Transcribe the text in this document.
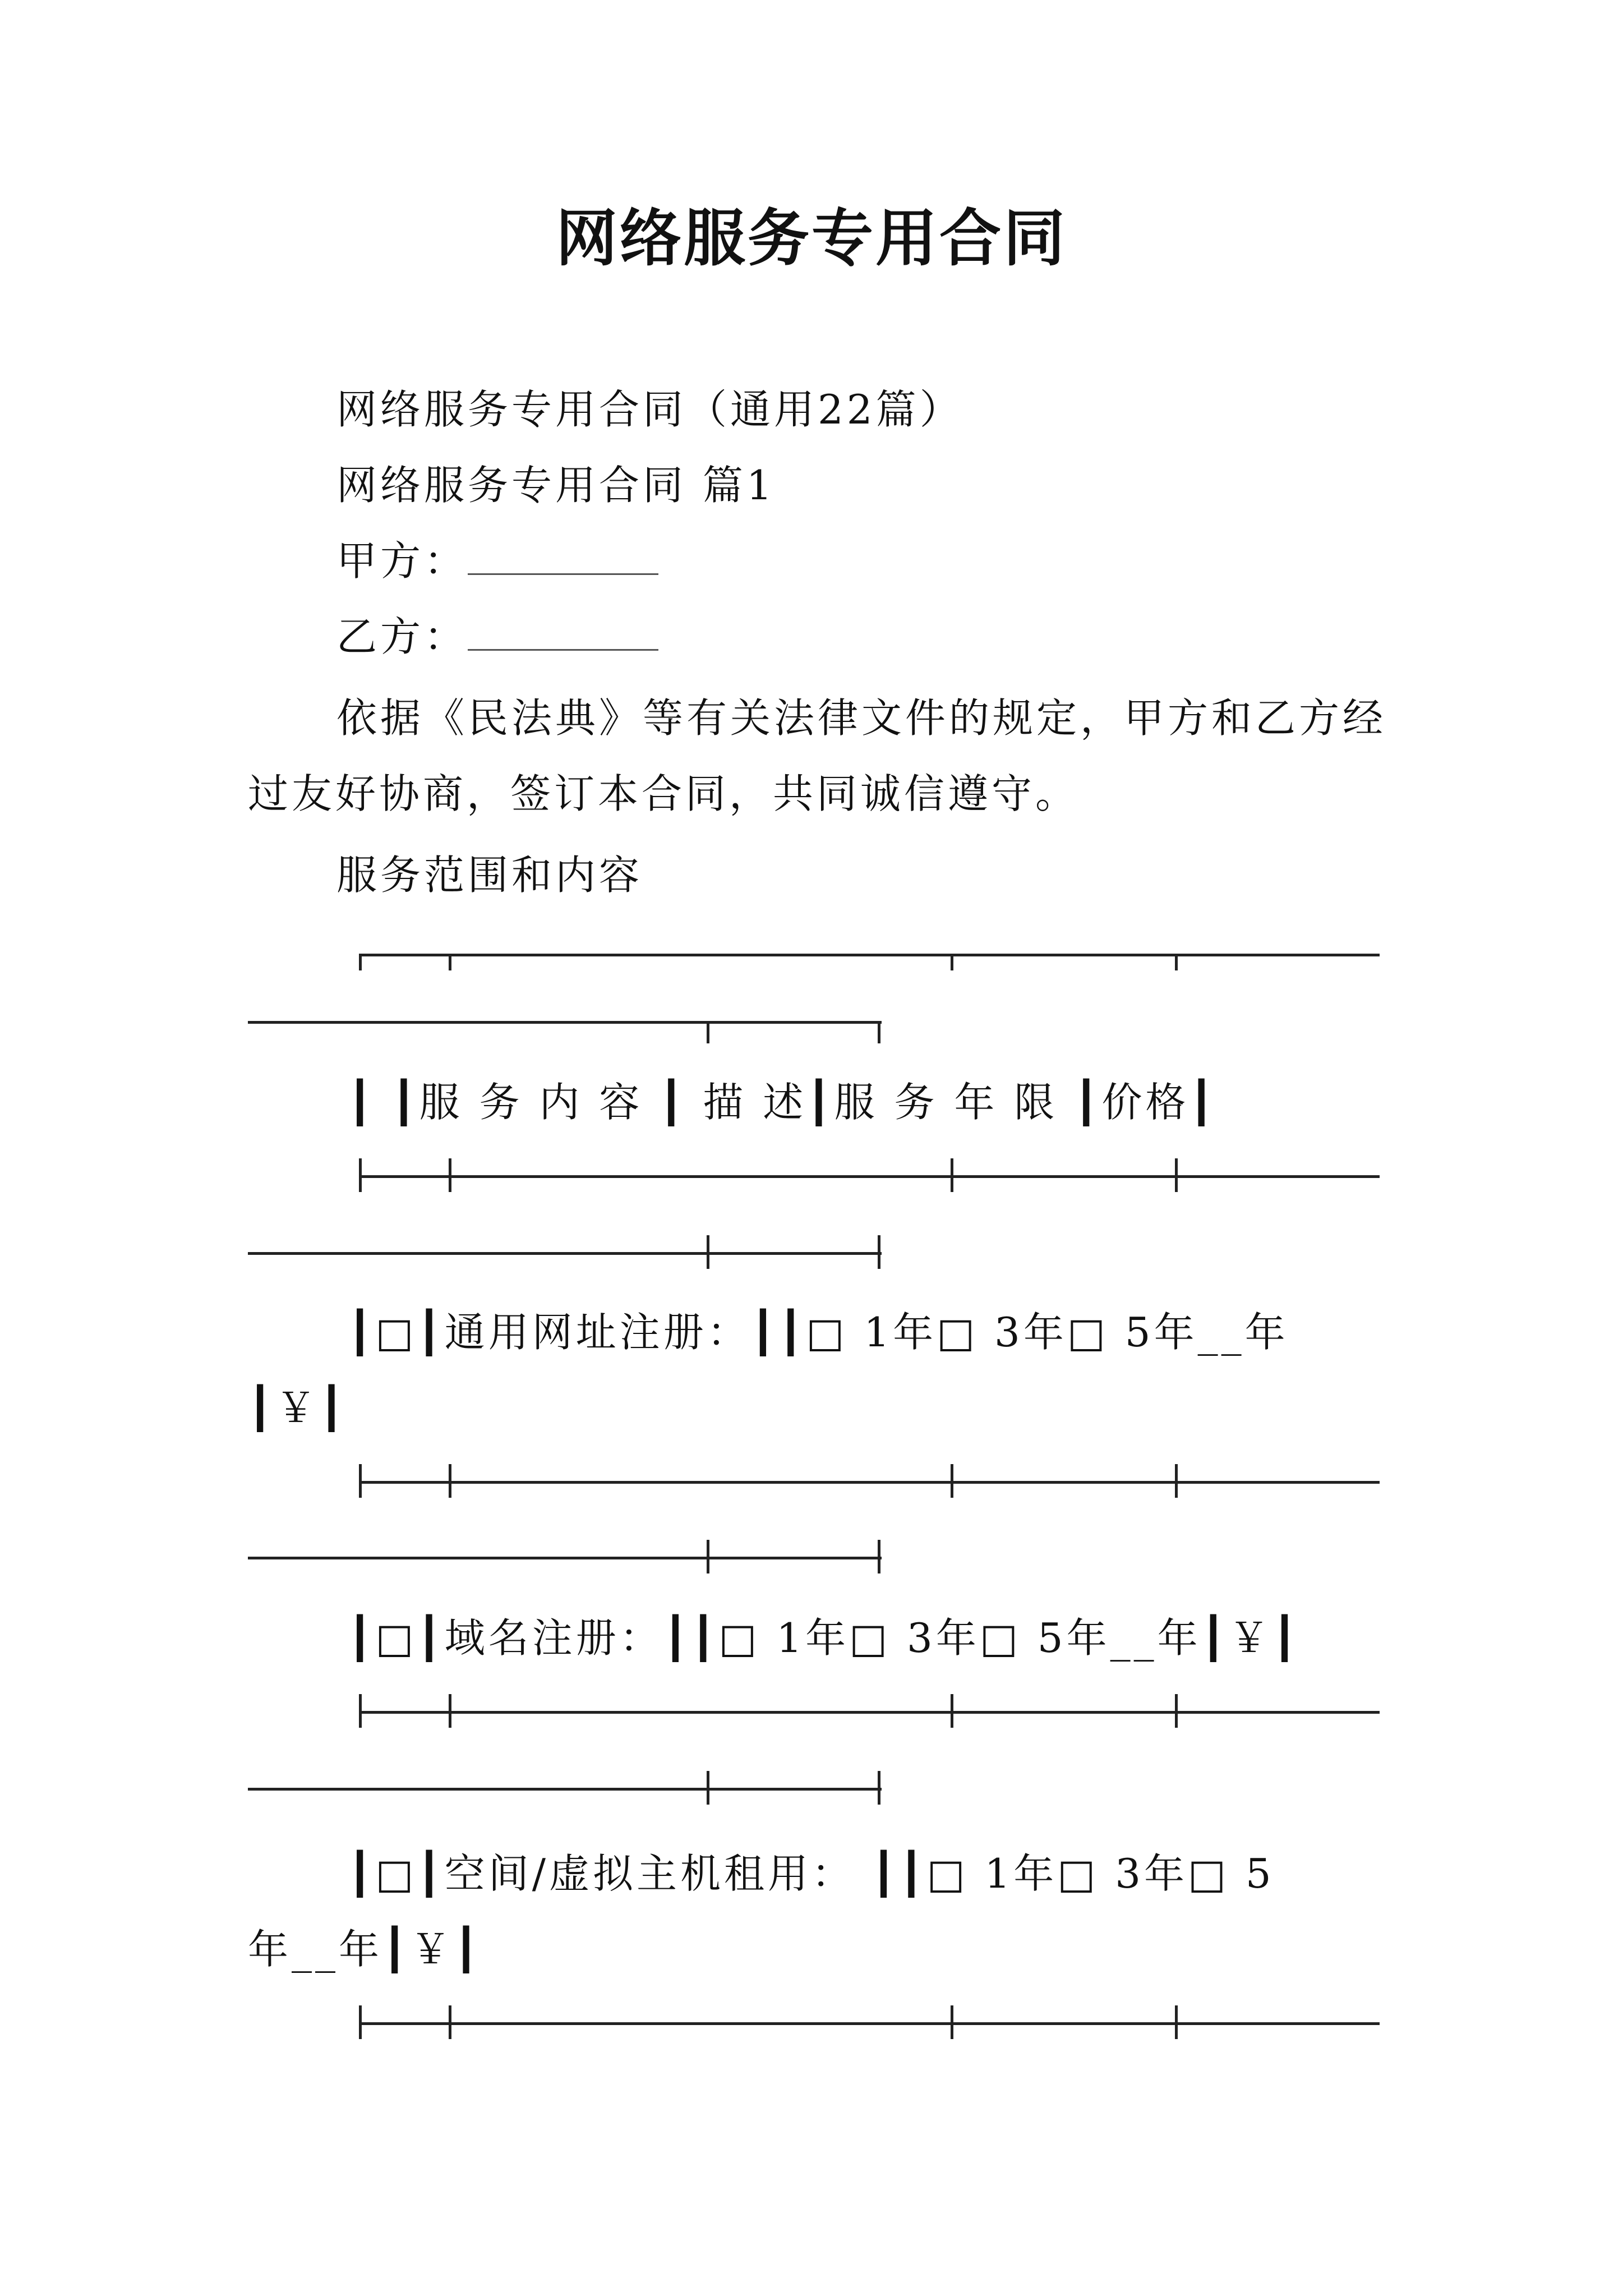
网络服务专用合同
网络服务专用合同（通用22篇）
网络服务专用合同 篇1
甲方：
乙方：
依据《民法典》等有关法律文件的规定，甲方和乙方经
过友好协商，签订本合同，共同诚信遵守。
服务范围和内容
┃ ┃服 务 内 容 ┃ 描 述┃服 务 年 限 ┃价格┃
┃□┃通用网址注册：┃┃□ 1年□ 3年□ 5年__年
┃￥┃
┃□┃域名注册：┃┃□ 1年□ 3年□ 5年__年┃￥┃
┃□┃空间/虚拟主机租用： ┃┃□ 1年□ 3年□ 5
年__年┃￥┃
